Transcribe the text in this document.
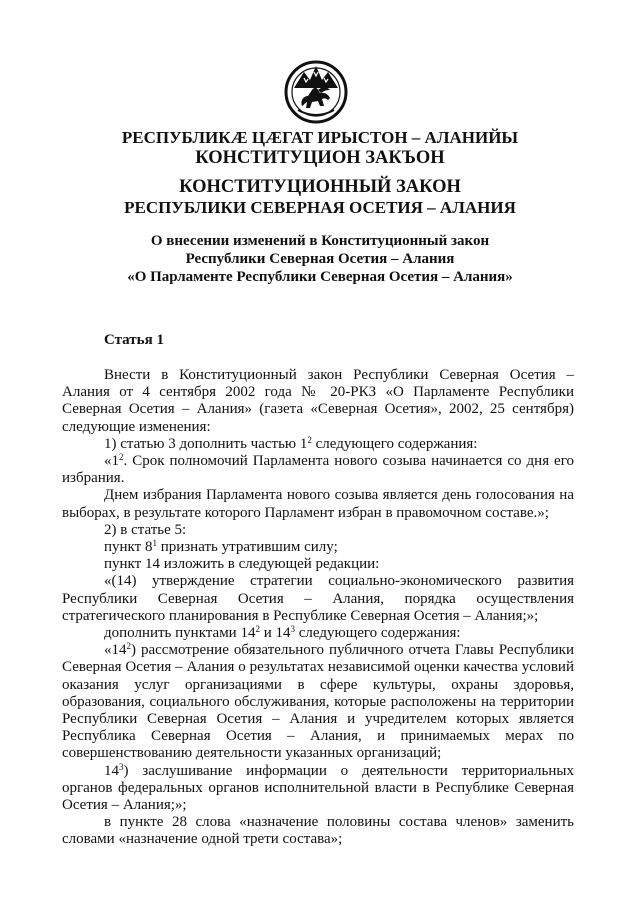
РЕСПУБЛИКÆ ЦÆГАТ ИРЫСТОН – АЛАНИЙЫ
КОНСТИТУЦИОН ЗАКЪОН
КОНСТИТУЦИОННЫЙ ЗАКОН
РЕСПУБЛИКИ СЕВЕРНАЯ ОСЕТИЯ – АЛАНИЯ
О внесении изменений в Конституционный закон
Республики Северная Осетия – Алания
«О Парламенте Республики Северная Осетия – Алания»
Статья 1

Внести в Конституционный закон Республики Северная Осетия – Алания от 4 сентября 2002 года № 20-РКЗ «О Парламенте Республики Северная Осетия – Алания» (газета «Северная Осетия», 2002, 25 сентября) следующие изменения:

1) статью 3 дополнить частью $1^2$ следующего содержания:

«$1^2$. Срок полномочий Парламента нового созыва начинается со дня его избрания.

Днем избрания Парламента нового созыва является день голосования на выборах, в результате которого Парламент избран в правомочном составе.»;

2) в статье 5:

пункт $8^1$ признать утратившим силу;

пункт 14 изложить в следующей редакции:

«(14) утверждение стратегии социально-экономического развития Республики Северная Осетия – Алания, порядка осуществления стратегического планирования в Республике Северная Осетия – Алания;»;

дополнить пунктами $14^2$ и $14^3$ следующего содержания:

«$14^2$) рассмотрение обязательного публичного отчета Главы Республики Северная Осетия – Алания о результатах независимой оценки качества условий оказания услуг организациями в сфере культуры, охраны здоровья, образования, социального обслуживания, которые расположены на территории Республики Северная Осетия – Алания и учредителем которых является Республика Северная Осетия – Алания, и принимаемых мерах по совершенствованию деятельности указанных организаций;

$14^3$) заслушивание информации о деятельности территориальных органов федеральных органов исполнительной власти в Республике Северная Осетия – Алания;»;

в пункте 28 слова «назначение половины состава членов» заменить словами «назначение одной трети состава»;
